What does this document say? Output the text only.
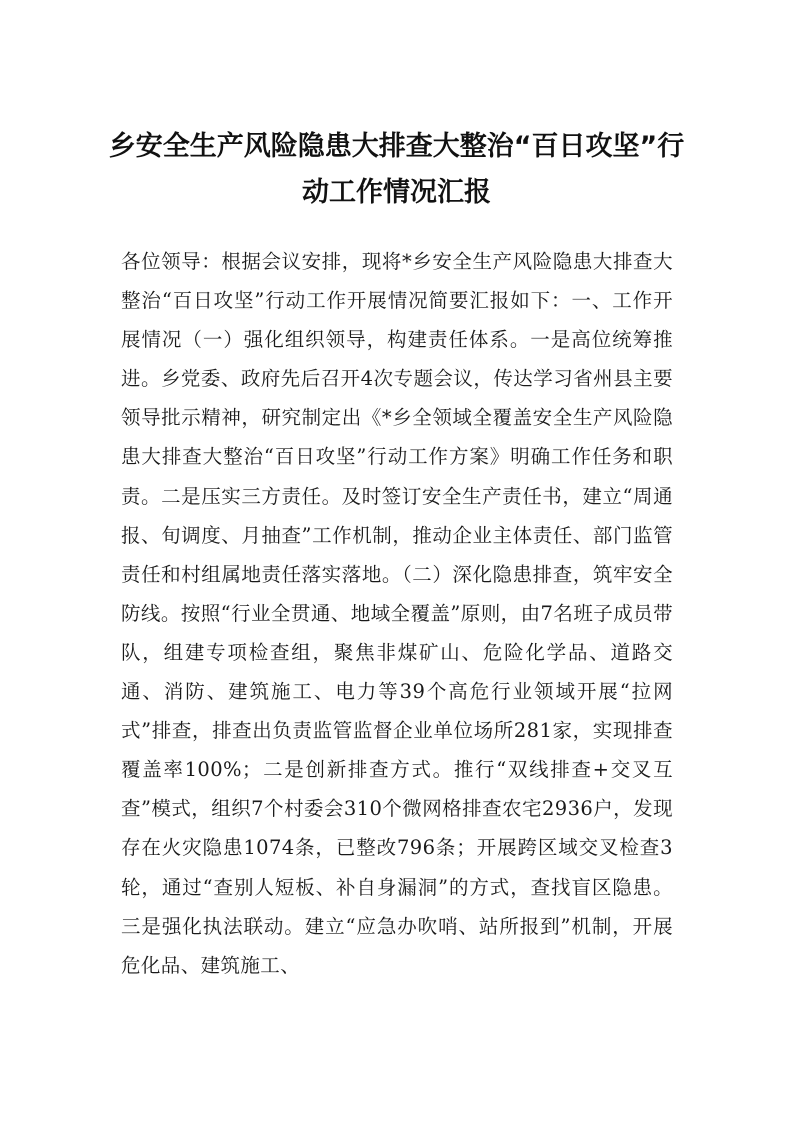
乡安全生产风险隐患大排查大整治“百日攻坚”行动工作情况汇报

各位领导：根据会议安排，现将*乡安全生产风险隐患大排查大整治“百日攻坚”行动工作开展情况简要汇报如下：一、工作开展情况（一）强化组织领导，构建责任体系。一是高位统筹推进。乡党委、政府先后召开4次专题会议，传达学习省州县主要领导批示精神，研究制定出《*乡全领域全覆盖安全生产风险隐患大排查大整治“百日攻坚”行动工作方案》明确工作任务和职责。二是压实三方责任。及时签订安全生产责任书，建立“周通报、旬调度、月抽查”工作机制，推动企业主体责任、部门监管责任和村组属地责任落实落地。（二）深化隐患排查，筑牢安全防线。按照“行业全贯通、地域全覆盖”原则，由7名班子成员带队，组建专项检查组，聚焦非煤矿山、危险化学品、道路交通、消防、建筑施工、电力等39个高危行业领域开展“拉网式”排查，排查出负责监管监督企业单位场所281家，实现排查覆盖率100%；二是创新排查方式。推行“双线排查+交叉互查”模式，组织7个村委会310个微网格排查农宅2936户，发现存在火灾隐患1074条，已整改796条；开展跨区域交叉检查3轮，通过“查别人短板、补自身漏洞”的方式，查找盲区隐患。三是强化执法联动。建立“应急办吹哨、站所报到”机制，开展危化品、建筑施工、
